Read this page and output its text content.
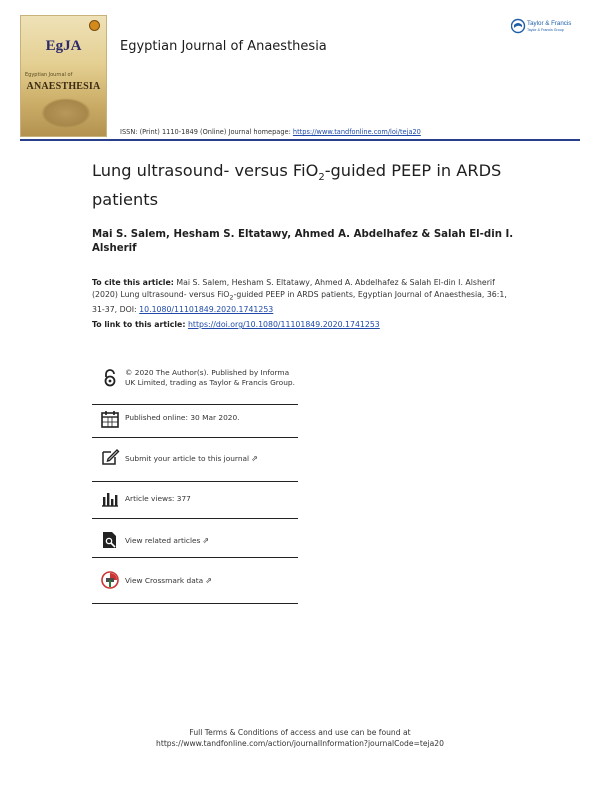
EgJA
Egyptian Journal of
ANAESTHESIA
Egyptian Journal of Anaesthesia
Taylor & Francis
Taylor & Francis Group
ISSN: (Print) 1110-1849 (Online) Journal homepage: https://www.tandfonline.com/loi/teja20
Lung ultrasound- versus FiO$_2$-guided PEEP in ARDS patients
Mai S. Salem, Hesham S. Eltatawy, Ahmed A. Abdelhafez & Salah El-din I. Alsherif
To cite this article: Mai S. Salem, Hesham S. Eltatawy, Ahmed A. Abdelhafez & Salah El-din I. Alsherif (2020) Lung ultrasound- versus FiO$_2$-guided PEEP in ARDS patients, Egyptian Journal of Anaesthesia, 36:1, 31-37, DOI: 10.1080/11101849.2020.1741253
To link to this article: https://doi.org/10.1080/11101849.2020.1741253
© 2020 The Author(s). Published by Informa UK Limited, trading as Taylor & Francis Group.
Published online: 30 Mar 2020.
Submit your article to this journal ⇗
Article views: 377
View related articles ⇗
View Crossmark data ⇗
Full Terms & Conditions of access and use can be found at
https://www.tandfonline.com/action/journalInformation?journalCode=teja20
